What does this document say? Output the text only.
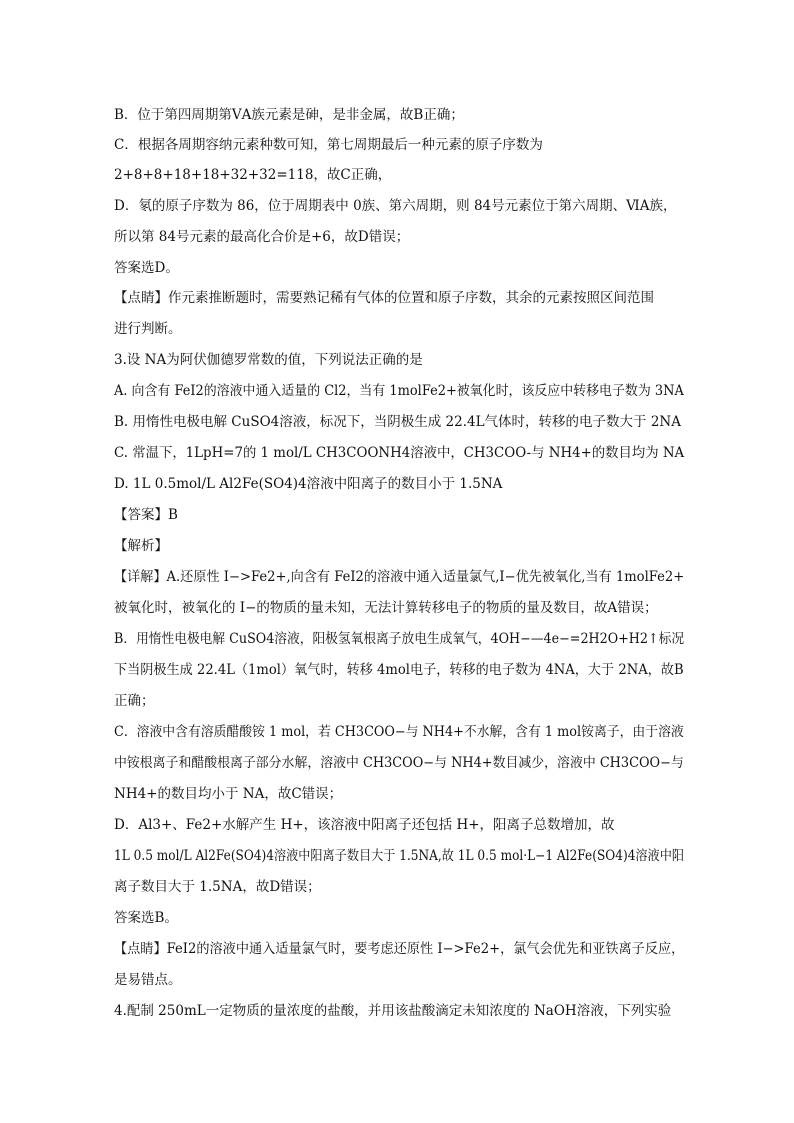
B．位于第四周期第ⅤA族元素是砷，是非金属，故B正确；
C．根据各周期容纳元素种数可知，第七周期最后一种元素的原子序数为
2+8+8+18+18+32+32=118，故C正确，
D．氡的原子序数为 86，位于周期表中 0族、第六周期，则 84号元素位于第六周期、ⅥA族，
所以第 84号元素的最高化合价是+6，故D错误；
答案选D。
【点睛】作元素推断题时，需要熟记稀有气体的位置和原子序数，其余的元素按照区间范围
进行判断。
3.设 NA为阿伏伽德罗常数的值，下列说法正确的是
A. 向含有 FeI2的溶液中通入适量的 Cl2，当有 1molFe2+被氧化时，该反应中转移电子数为 3NA
B. 用惰性电极电解 CuSO4溶液，标况下，当阴极生成 22.4L气体时，转移的电子数大于 2NA
C. 常温下，1LpH=7的 1 mol/L CH3COONH4溶液中，CH3COO-与 NH4+的数目均为 NA
D. 1L 0.5mol/L Al2Fe(SO4)4溶液中阳离子的数目小于 1.5NA
【答案】B
【解析】
【详解】A.还原性 I−>Fe2+,向含有 FeI2的溶液中通入适量氯气,I−优先被氧化,当有 1molFe2+
被氧化时，被氧化的 I−的物质的量未知，无法计算转移电子的物质的量及数目，故A错误；
B．用惰性电极电解 CuSO4溶液，阳极氢氧根离子放电生成氧气，4OH−—4e−=2H2O+H2↑标况
下当阴极生成 22.4L（1mol）氧气时，转移 4mol电子，转移的电子数为 4NA，大于 2NA，故B
正确；
C．溶液中含有溶质醋酸铵 1 mol，若 CH3COO−与 NH4+不水解，含有 1 mol铵离子，由于溶液
中铵根离子和醋酸根离子部分水解，溶液中 CH3COO−与 NH4+数目减少，溶液中 CH3COO−与
NH4+的数目均小于 NA，故C错误；
D．Al3+、Fe2+水解产生 H+，该溶液中阳离子还包括 H+，阳离子总数增加，故
1L 0.5 mol/L Al2Fe(SO4)4溶液中阳离子数目大于 1.5NA,故 1L 0.5 mol·L−1 Al2Fe(SO4)4溶液中阳
离子数目大于 1.5NA，故D错误；
答案选B。
【点睛】FeI2的溶液中通入适量氯气时，要考虑还原性 I−>Fe2+，氯气会优先和亚铁离子反应，
是易错点。
4.配制 250mL一定物质的量浓度的盐酸，并用该盐酸滴定未知浓度的 NaOH溶液，下列实验
